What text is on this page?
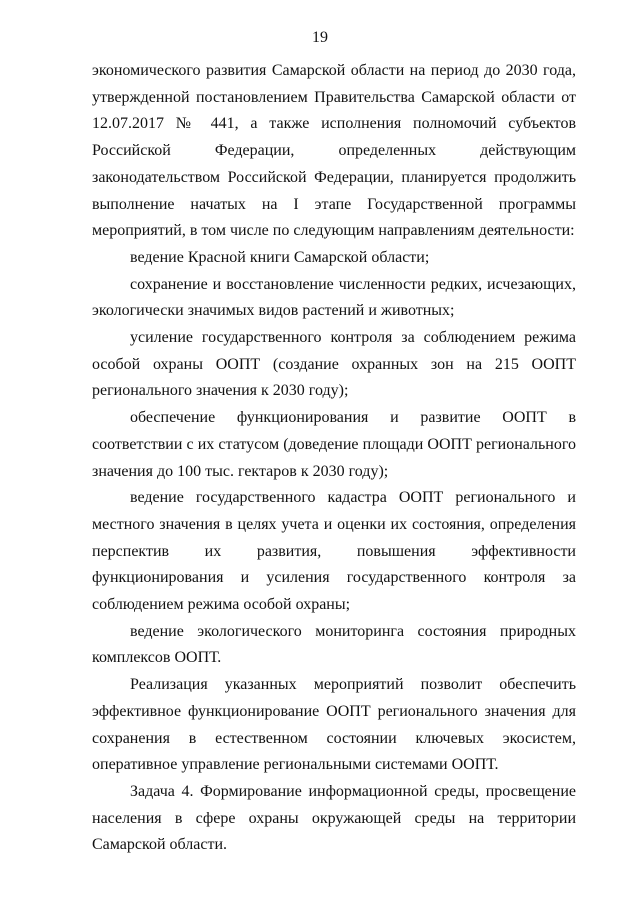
19

экономического развития Самарской области на период до 2030 года, утвержденной постановлением Правительства Самарской области от 12.07.2017 № 441, а также исполнения полномочий субъектов Российской Федерации, определенных действующим законодательством Российской Федерации, планируется продолжить выполнение начатых на I этапе Государственной программы мероприятий, в том числе по следующим направлениям деятельности:

ведение Красной книги Самарской области;

сохранение и восстановление численности редких, исчезающих, экологически значимых видов растений и животных;

усиление государственного контроля за соблюдением режима особой охраны ООПТ (создание охранных зон на 215 ООПТ регионального значения к 2030 году);

обеспечение функционирования и развитие ООПТ в соответствии с их статусом (доведение площади ООПТ регионального значения до 100 тыс. гектаров к 2030 году);

ведение государственного кадастра ООПТ регионального и местного значения в целях учета и оценки их состояния, определения перспектив их развития, повышения эффективности функционирования и усиления государственного контроля за соблюдением режима особой охраны;

ведение экологического мониторинга состояния природных комплексов ООПТ.

Реализация указанных мероприятий позволит обеспечить эффективное функционирование ООПТ регионального значения для сохранения в естественном состоянии ключевых экосистем, оперативное управление региональными системами ООПТ.

Задача 4. Формирование информационной среды, просвещение населения в сфере охраны окружающей среды на территории Самарской области.
